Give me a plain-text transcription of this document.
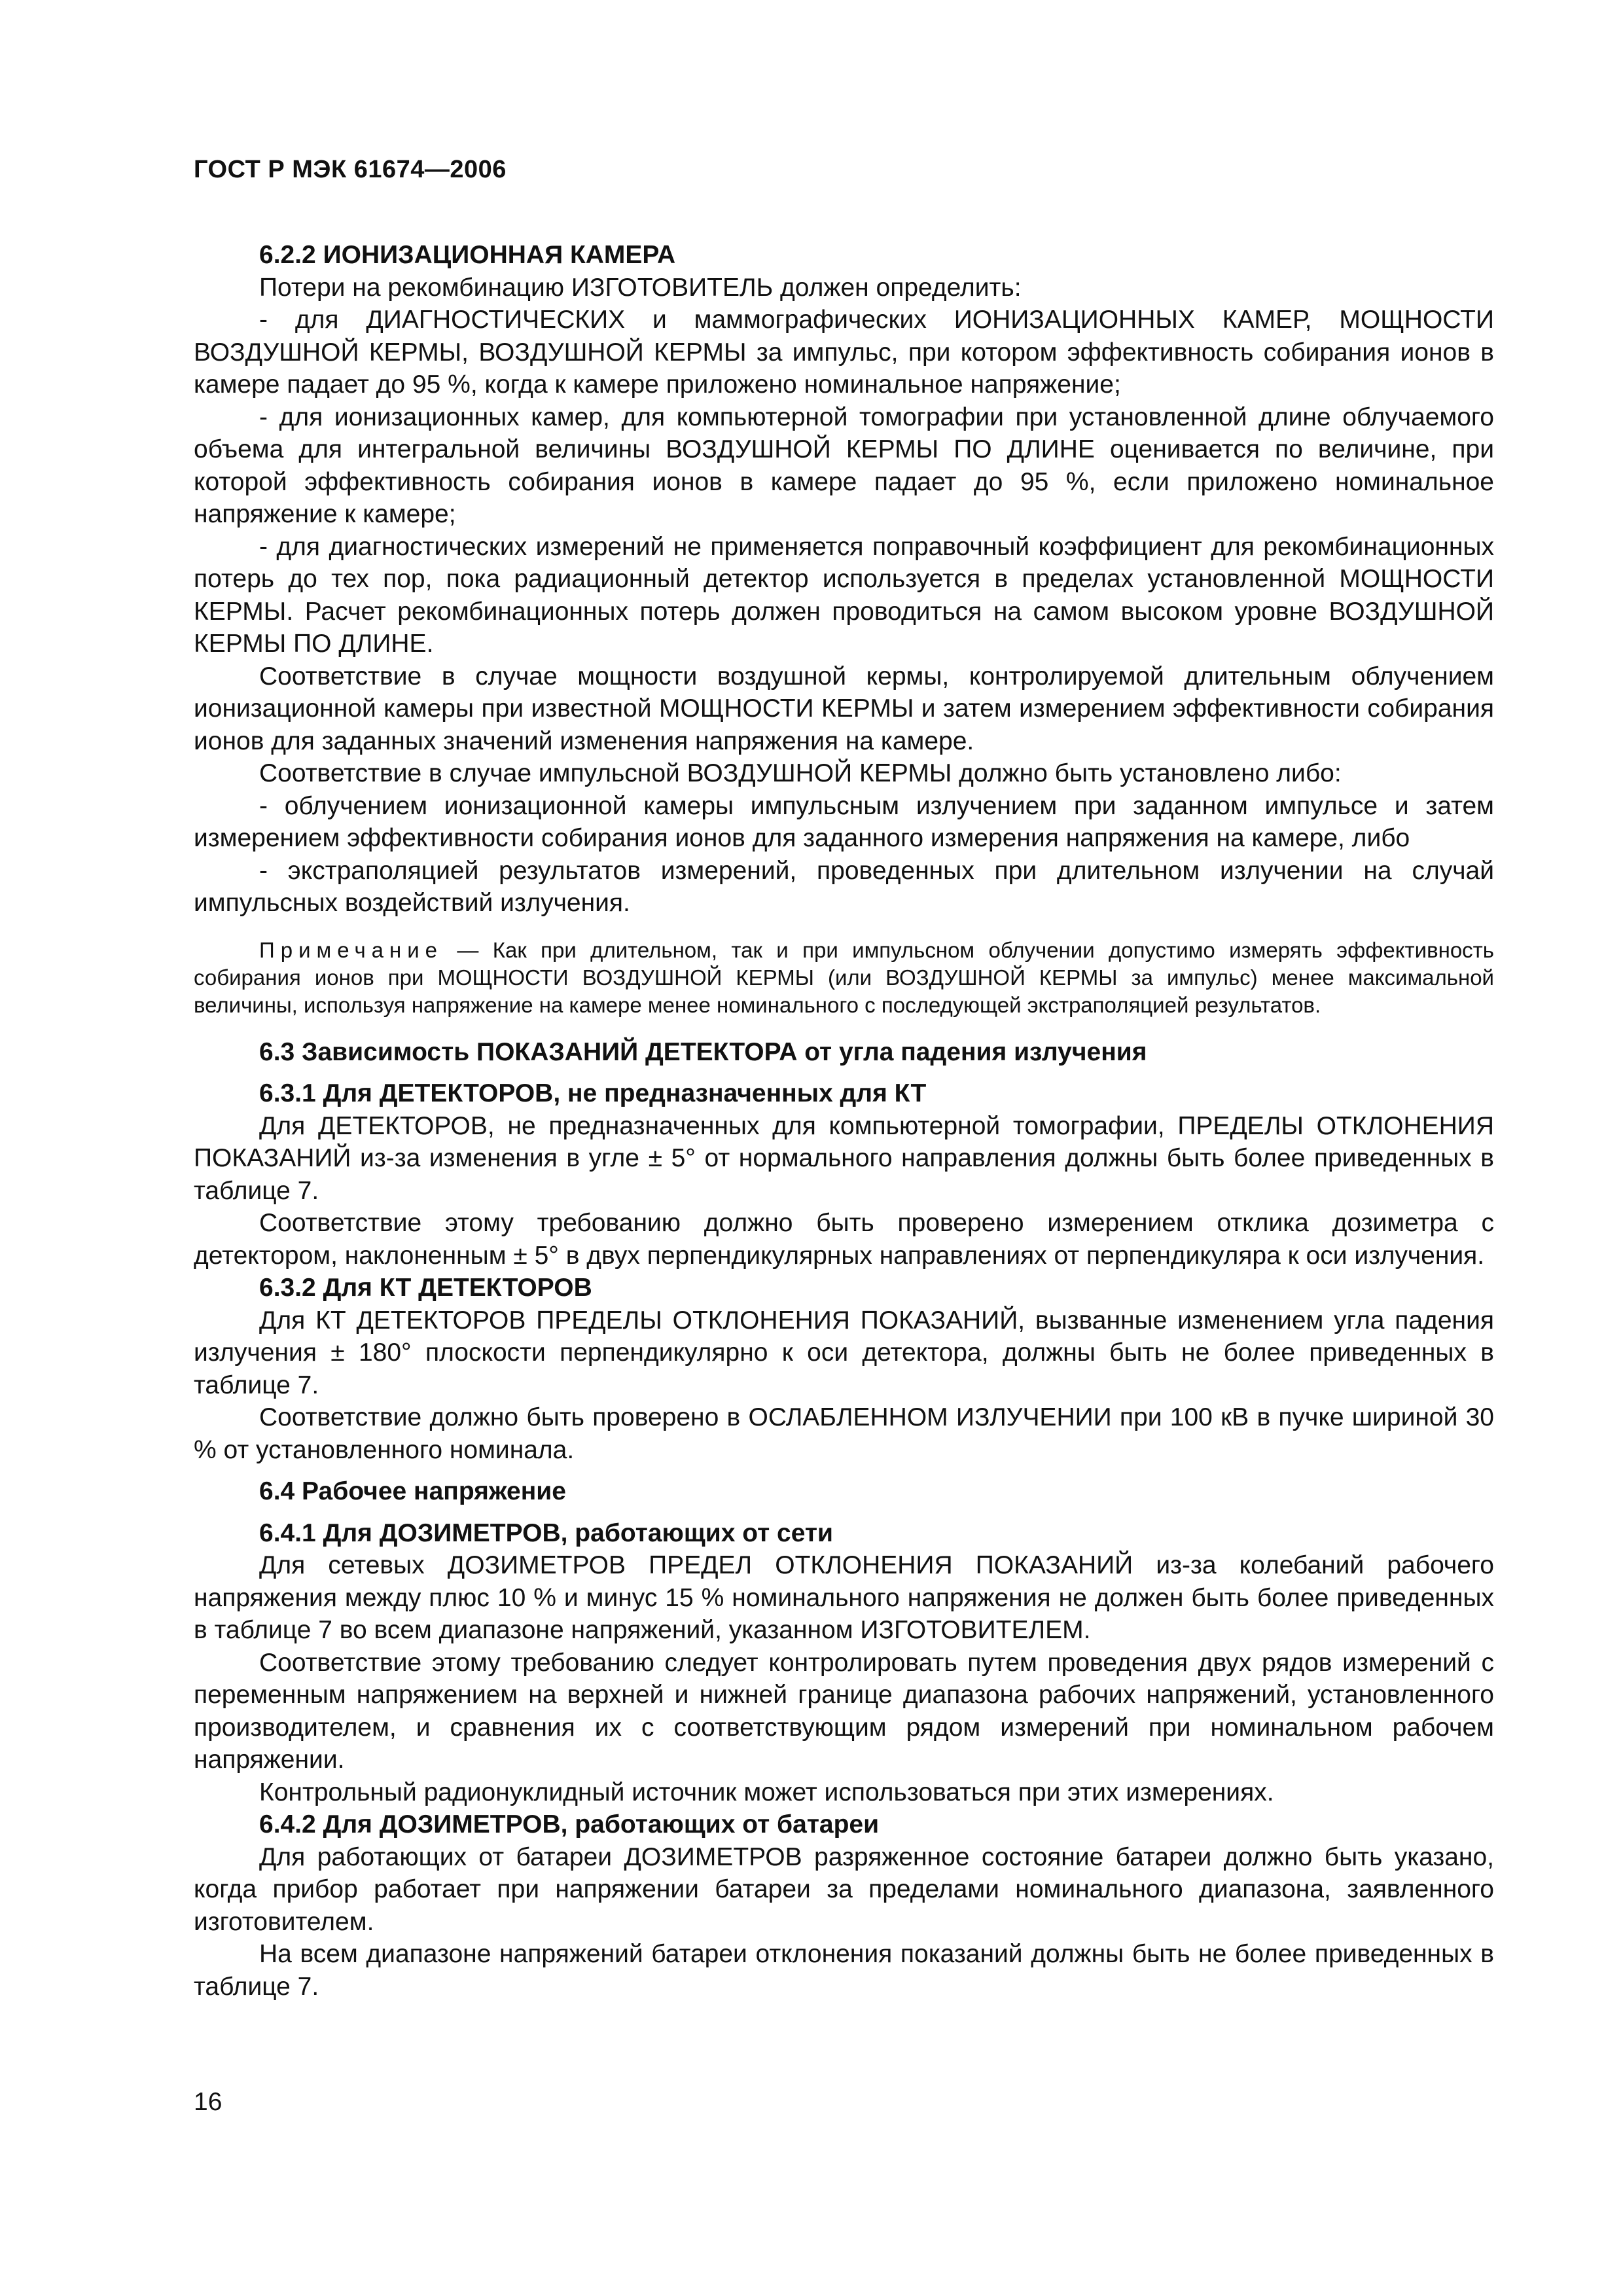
ГОСТ Р МЭК 61674—2006
6.2.2 ИОНИЗАЦИОННАЯ КАМЕРА

Потери на рекомбинацию ИЗГОТОВИТЕЛЬ должен определить:

- для ДИАГНОСТИЧЕСКИХ и маммографических ИОНИЗАЦИОННЫХ КАМЕР, МОЩНОСТИ ВОЗДУШНОЙ КЕРМЫ, ВОЗДУШНОЙ КЕРМЫ за импульс, при котором эффективность собирания ионов в камере падает до 95 %, когда к камере приложено номинальное напряжение;

- для ионизационных камер, для компьютерной томографии при установленной длине облучаемого объема для интегральной величины ВОЗДУШНОЙ КЕРМЫ ПО ДЛИНЕ оценивается по величине, при которой эффективность собирания ионов в камере падает до 95 %, если приложено номинальное напряжение к камере;

- для диагностических измерений не применяется поправочный коэффициент для рекомбинационных потерь до тех пор, пока радиационный детектор используется в пределах установленной МОЩНОСТИ КЕРМЫ. Расчет рекомбинационных потерь должен проводиться на самом высоком уровне ВОЗДУШНОЙ КЕРМЫ ПО ДЛИНЕ.

Соответствие в случае мощности воздушной кермы, контролируемой длительным облучением ионизационной камеры при известной МОЩНОСТИ КЕРМЫ и затем измерением эффективности собирания ионов для заданных значений изменения напряжения на камере.

Соответствие в случае импульсной ВОЗДУШНОЙ КЕРМЫ должно быть установлено либо:

- облучением ионизационной камеры импульсным излучением при заданном импульсе и затем измерением эффективности собирания ионов для заданного измерения напряжения на камере, либо

- экстраполяцией результатов измерений, проведенных при длительном излучении на случай импульсных воздействий излучения.

Примечание — Как при длительном, так и при импульсном облучении допустимо измерять эффективность собирания ионов при МОЩНОСТИ ВОЗДУШНОЙ КЕРМЫ (или ВОЗДУШНОЙ КЕРМЫ за импульс) менее максимальной величины, используя напряжение на камере менее номинального с последующей экстраполяцией результатов.
6.3 Зависимость ПОКАЗАНИЙ ДЕТЕКТОРА от угла падения излучения
6.3.1 Для ДЕТЕКТОРОВ, не предназначенных для КТ

Для ДЕТЕКТОРОВ, не предназначенных для компьютерной томографии, ПРЕДЕЛЫ ОТКЛОНЕНИЯ ПОКАЗАНИЙ из-за изменения в угле ± 5° от нормального направления должны быть более приведенных в таблице 7.

Соответствие этому требованию должно быть проверено измерением отклика дозиметра с детектором, наклоненным ± 5° в двух перпендикулярных направлениях от перпендикуляра к оси излучения.

6.3.2 Для КТ ДЕТЕКТОРОВ

Для КТ ДЕТЕКТОРОВ ПРЕДЕЛЫ ОТКЛОНЕНИЯ ПОКАЗАНИЙ, вызванные изменением угла падения излучения ± 180° плоскости перпендикулярно к оси детектора, должны быть не более приведенных в таблице 7.

Соответствие должно быть проверено в ОСЛАБЛЕННОМ ИЗЛУЧЕНИИ при 100 кВ в пучке шириной 30 % от установленного номинала.

6.4 Рабочее напряжение
6.4.1 Для ДОЗИМЕТРОВ, работающих от сети

Для сетевых ДОЗИМЕТРОВ ПРЕДЕЛ ОТКЛОНЕНИЯ ПОКАЗАНИЙ из-за колебаний рабочего напряжения между плюс 10 % и минус 15 % номинального напряжения не должен быть более приведенных в таблице 7 во всем диапазоне напряжений, указанном ИЗГОТОВИТЕЛЕМ.

Соответствие этому требованию следует контролировать путем проведения двух рядов измерений с переменным напряжением на верхней и нижней границе диапазона рабочих напряжений, установленного производителем, и сравнения их с соответствующим рядом измерений при номинальном рабочем напряжении.

Контрольный радионуклидный источник может использоваться при этих измерениях.

6.4.2 Для ДОЗИМЕТРОВ, работающих от батареи

Для работающих от батареи ДОЗИМЕТРОВ разряженное состояние батареи должно быть указано, когда прибор работает при напряжении батареи за пределами номинального диапазона, заявленного изготовителем.

На всем диапазоне напряжений батареи отклонения показаний должны быть не более приведенных в таблице 7.

16
